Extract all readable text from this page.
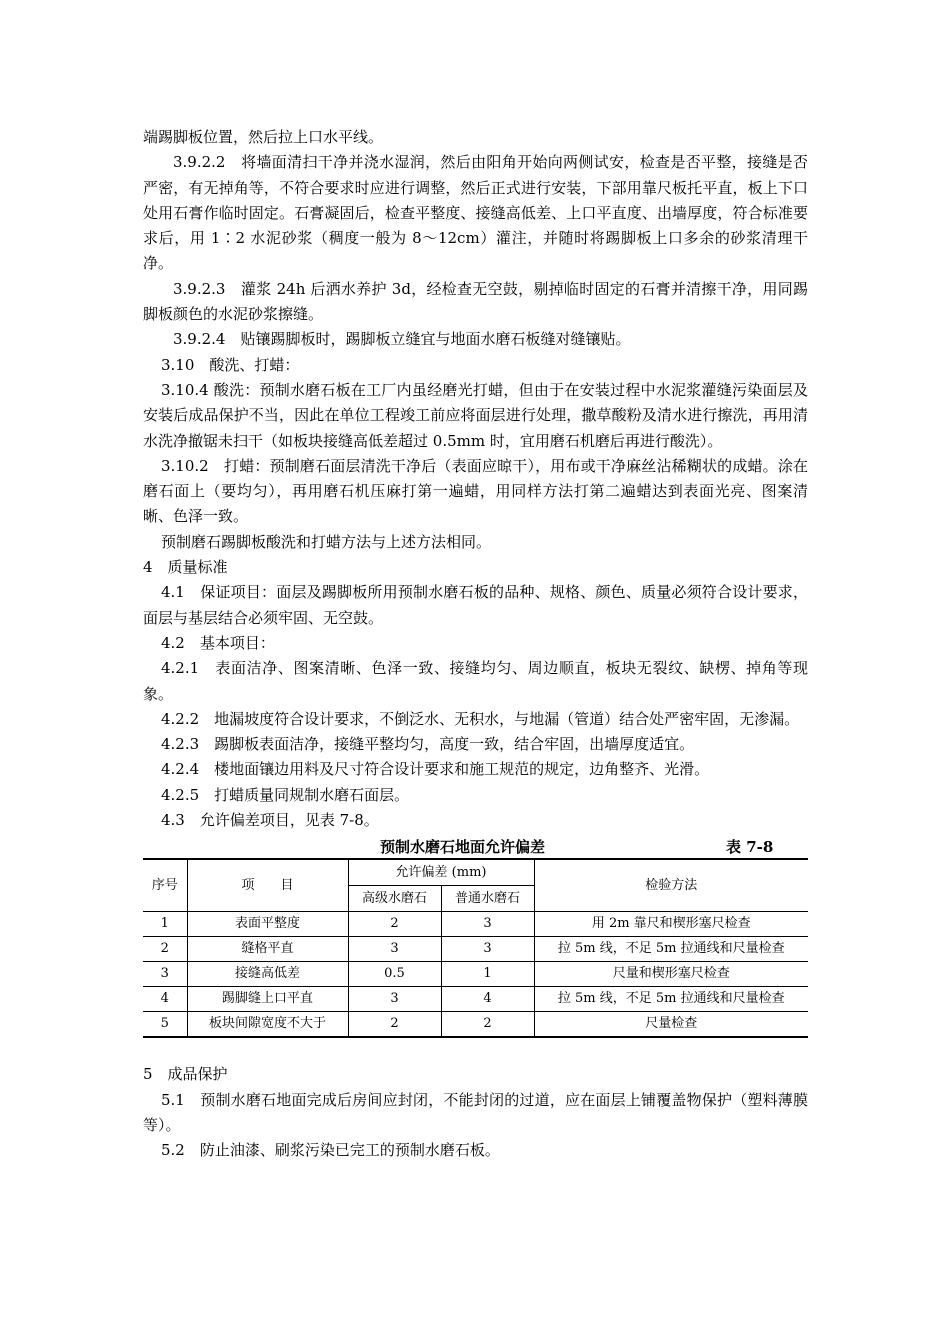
端踢脚板位置，然后拉上口水平线。

3.9.2.2　将墙面清扫干净并浇水湿润，然后由阳角开始向两侧试安，检查是否平整，接缝是否严密，有无掉角等，不符合要求时应进行调整，然后正式进行安装，下部用靠尺板托平直，板上下口处用石膏作临时固定。石膏凝固后，检查平整度、接缝高低差、上口平直度、出墙厚度，符合标准要求后，用 1∶2 水泥砂浆（稠度一般为 8～12cm）灌注，并随时将踢脚板上口多余的砂浆清理干净。

3.9.2.3　灌浆 24h 后洒水养护 3d，经检查无空鼓，剔掉临时固定的石膏并清擦干净，用同踢脚板颜色的水泥砂浆擦缝。

3.9.2.4　贴镶踢脚板时，踢脚板立缝宜与地面水磨石板缝对缝镶贴。

3.10　酸洗、打蜡：

3.10.4 酸洗：预制水磨石板在工厂内虽经磨光打蜡，但由于在安装过程中水泥浆灌缝污染面层及安装后成品保护不当，因此在单位工程竣工前应将面层进行处理，撒草酸粉及清水进行擦洗，再用清水洗净撤锯未扫干（如板块接缝高低差超过 0.5mm 时，宜用磨石机磨后再进行酸洗）。

3.10.2　打蜡：预制磨石面层清洗干净后（表面应晾干），用布或干净麻丝沾稀糊状的成蜡。涂在磨石面上（要均匀），再用磨石机压麻打第一遍蜡，用同样方法打第二遍蜡达到表面光亮、图案清晰、色泽一致。

预制磨石踢脚板酸洗和打蜡方法与上述方法相同。

4　质量标准

4.1　保证项目：面层及踢脚板所用预制水磨石板的品种、规格、颜色、质量必须符合设计要求，面层与基层结合必须牢固、无空鼓。

4.2　基本项目：

4.2.1　表面洁净、图案清晰、色泽一致、接缝均匀、周边顺直，板块无裂纹、缺楞、掉角等现象。

4.2.2　地漏坡度符合设计要求，不倒泛水、无积水，与地漏（管道）结合处严密牢固，无渗漏。

4.2.3　踢脚板表面洁净，接缝平整均匀，高度一致，结合牢固，出墙厚度适宜。

4.2.4　楼地面镶边用料及尺寸符合设计要求和施工规范的规定，边角整齐、光滑。

4.2.5　打蜡质量同规制水磨石面层。

4.3　允许偏差项目，见表 7-8。

预制水磨石地面允许偏差	表 7-8
序号	项　　目	允许偏差 (mm)		检验方法
		高级水磨石	普通水磨石	
1	表面平整度	2	3	用 2m 靠尺和楔形塞尺检查
2	缝格平直	3	3	拉 5m 线，不足 5m 拉通线和尺量检查
3	接缝高低差	0.5	1	尺量和楔形塞尺检查
4	踢脚缝上口平直	3	4	拉 5m 线，不足 5m 拉通线和尺量检查
5	板块间隙宽度不大于	2	2	尺量检查

5　成品保护

5.1　预制水磨石地面完成后房间应封闭，不能封闭的过道，应在面层上铺覆盖物保护（塑料薄膜等）。

5.2　防止油漆、刷浆污染已完工的预制水磨石板。
